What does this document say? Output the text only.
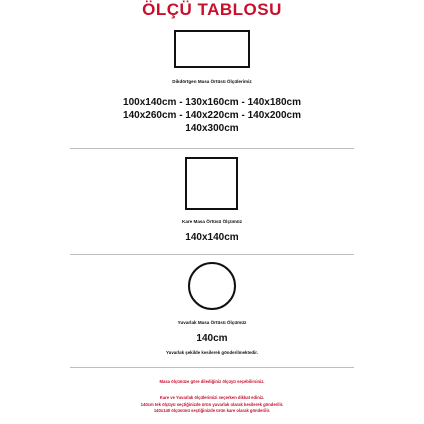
ÖLÇÜ TABLOSU
Dikdörtgen Masa Örtüsü Ölçülerimiz
100x140cm - 130x160cm - 140x180cm
140x260cm - 140x220cm - 140x200cm
140x300cm
Kare Masa Örtüsü Ölçümüz
140x140cm
Yuvarlak Masa Örtüsü Ölçümüz
140cm
Yuvarlak şekilde kesilerek gönderilmektedir.
Masa ölçünüze göre dilediğiniz ölçüyü seçebilirsiniz.
Kare ve Yuvarlak ölçülerimizi seçerken dikkat ediniz.
140cm tek ölçüyü seçtiğinizde ürün yuvarlak olarak kesilerek gönderilir.
140x140 ölçüsünü seçtiğinizde ürün kare olarak gönderilir.
